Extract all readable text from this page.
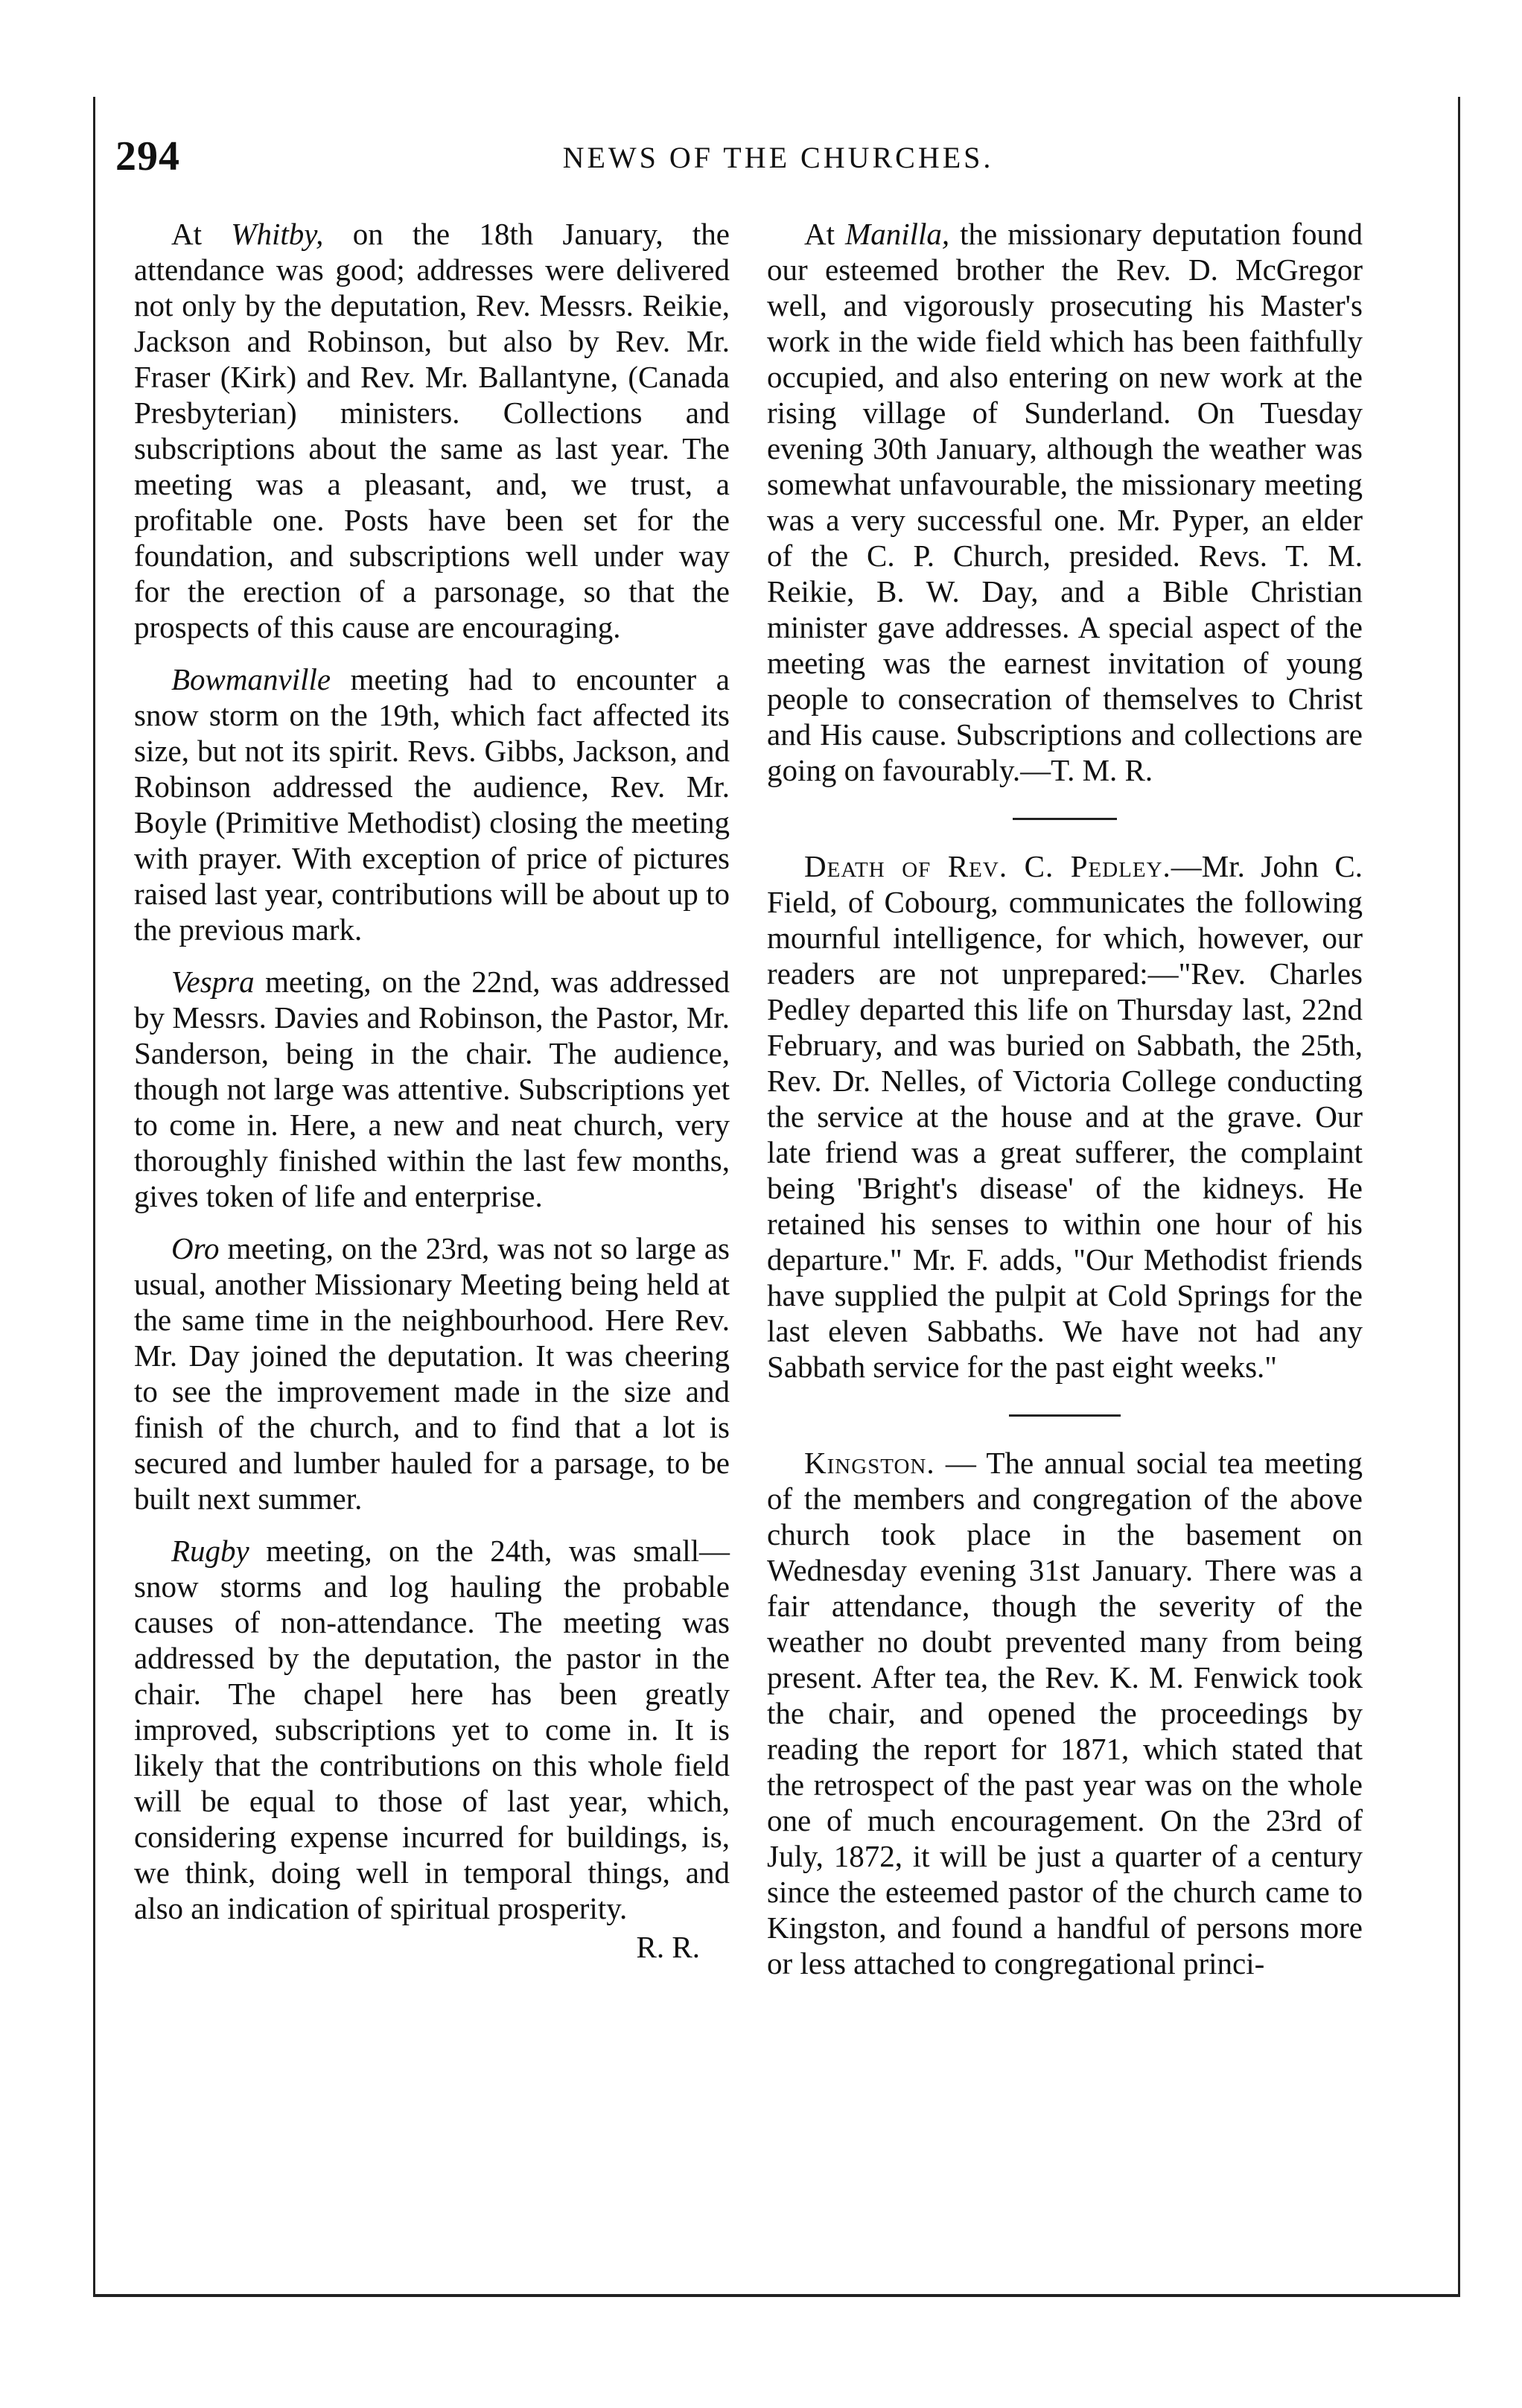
294	NEWS OF THE CHURCHES.

At Whitby, on the 18th January, the attendance was good; addresses were delivered not only by the deputation, Rev. Messrs. Reikie, Jackson and Robinson, but also by Rev. Mr. Fraser (Kirk) and Rev. Mr. Ballantyne, (Canada Presbyterian) ministers. Collections and subscriptions about the same as last year. The meeting was a pleasant, and, we trust, a profitable one. Posts have been set for the foundation, and subscriptions well under way for the erection of a parsonage, so that the prospects of this cause are encouraging.

Bowmanville meeting had to encounter a snow storm on the 19th, which fact affected its size, but not its spirit. Revs. Gibbs, Jackson, and Robinson addressed the audience, Rev. Mr. Boyle (Primitive Methodist) closing the meeting with prayer. With exception of price of pictures raised last year, contributions will be about up to the previous mark.

Vespra meeting, on the 22nd, was addressed by Messrs. Davies and Robinson, the Pastor, Mr. Sanderson, being in the chair. The audience, though not large was attentive. Subscriptions yet to come in. Here, a new and neat church, very thoroughly finished within the last few months, gives token of life and enterprise.

Oro meeting, on the 23rd, was not so large as usual, another Missionary Meeting being held at the same time in the neighbourhood. Here Rev. Mr. Day joined the deputation. It was cheering to see the improvement made in the size and finish of the church, and to find that a lot is secured and lumber hauled for a parsage, to be built next summer.

Rugby meeting, on the 24th, was small—snow storms and log hauling the probable causes of non-attendance. The meeting was addressed by the deputation, the pastor in the chair. The chapel here has been greatly improved, subscriptions yet to come in. It is likely that the contributions on this whole field will be equal to those of last year, which, considering expense incurred for buildings, is, we think, doing well in temporal things, and also an indication of spiritual prosperity.

R. R.

At Manilla, the missionary deputation found our esteemed brother the Rev. D. McGregor well, and vigorously prosecuting his Master's work in the wide field which has been faithfully occupied, and also entering on new work at the rising village of Sunderland. On Tuesday evening 30th January, although the weather was somewhat unfavourable, the missionary meeting was a very successful one. Mr. Pyper, an elder of the C. P. Church, presided. Revs. T. M. Reikie, B. W. Day, and a Bible Christian minister gave addresses. A special aspect of the meeting was the earnest invitation of young people to consecration of themselves to Christ and His cause. Subscriptions and collections are going on favourably.—T. M. R.

Death of Rev. C. Pedley.—Mr. John C. Field, of Cobourg, communicates the following mournful intelligence, for which, however, our readers are not unprepared:—"Rev. Charles Pedley departed this life on Thursday last, 22nd February, and was buried on Sabbath, the 25th, Rev. Dr. Nelles, of Victoria College conducting the service at the house and at the grave. Our late friend was a great sufferer, the complaint being 'Bright's disease' of the kidneys. He retained his senses to within one hour of his departure." Mr. F. adds, "Our Methodist friends have supplied the pulpit at Cold Springs for the last eleven Sabbaths. We have not had any Sabbath service for the past eight weeks."

Kingston. — The annual social tea meeting of the members and congregation of the above church took place in the basement on Wednesday evening 31st January. There was a fair attendance, though the severity of the weather no doubt prevented many from being present. After tea, the Rev. K. M. Fenwick took the chair, and opened the proceedings by reading the report for 1871, which stated that the retrospect of the past year was on the whole one of much encouragement. On the 23rd of July, 1872, it will be just a quarter of a century since the esteemed pastor of the church came to Kingston, and found a handful of persons more or less attached to congregational princi-
